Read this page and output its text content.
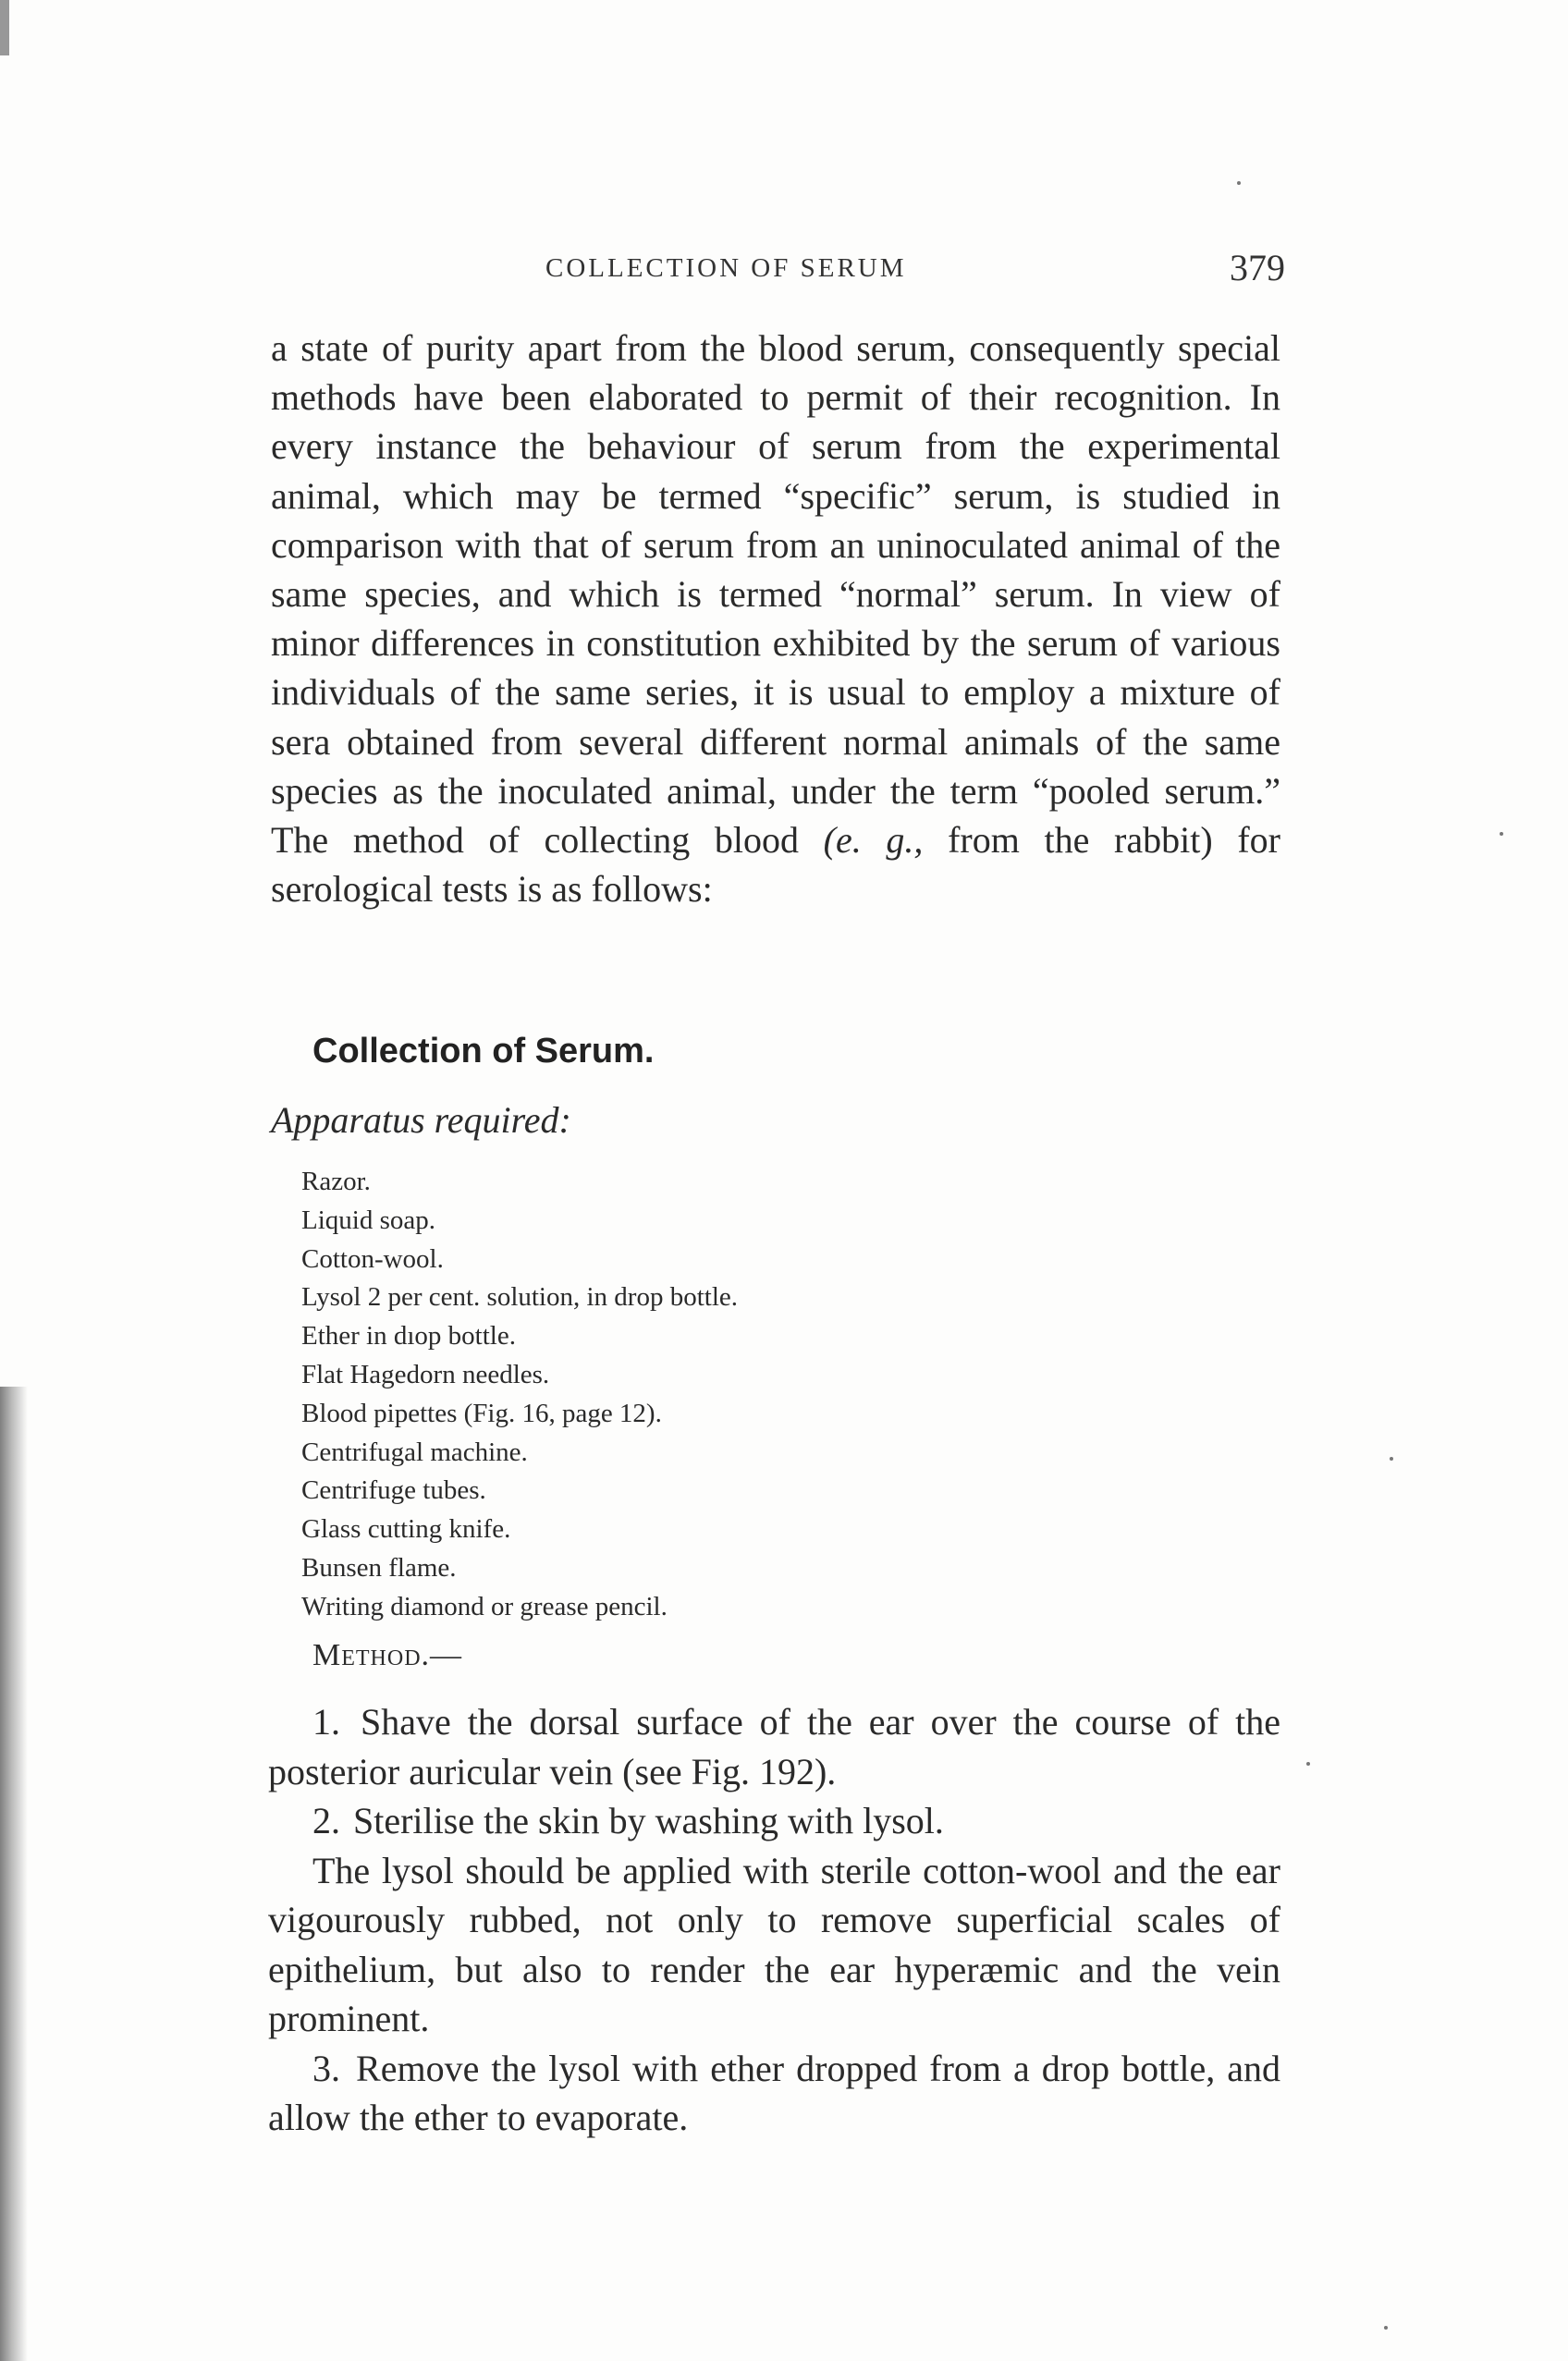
COLLECTION OF SERUM	379

a state of purity apart from the blood serum, consequently special methods have been elaborated to permit of their recognition. In every instance the behaviour of serum from the experimental animal, which may be termed “specific” serum, is studied in comparison with that of serum from an uninoculated animal of the same species, and which is termed “normal” serum. In view of minor differences in constitution exhibited by the serum of various individuals of the same series, it is usual to employ a mixture of sera obtained from several different normal animals of the same species as the inoculated animal, under the term “pooled serum.” The method of collecting blood (e. g., from the rabbit) for serological tests is as follows:

Collection of Serum.
Apparatus required:
Razor.
Liquid soap.
Cotton-wool.
Lysol 2 per cent. solution, in drop bottle.
Ether in dıop bottle.
Flat Hagedorn needles.
Blood pipettes (Fig. 16, page 12).
Centrifugal machine.
Centrifuge tubes.
Glass cutting knife.
Bunsen flame.
Writing diamond or grease pencil.
Method.—

1. Shave the dorsal surface of the ear over the course of the posterior auricular vein (see Fig. 192).

2. Sterilise the skin by washing with lysol.

The lysol should be applied with sterile cotton-wool and the ear vigourously rubbed, not only to remove superficial scales of epithelium, but also to render the ear hyperæmic and the vein prominent.

3. Remove the lysol with ether dropped from a drop bottle, and allow the ether to evaporate.
